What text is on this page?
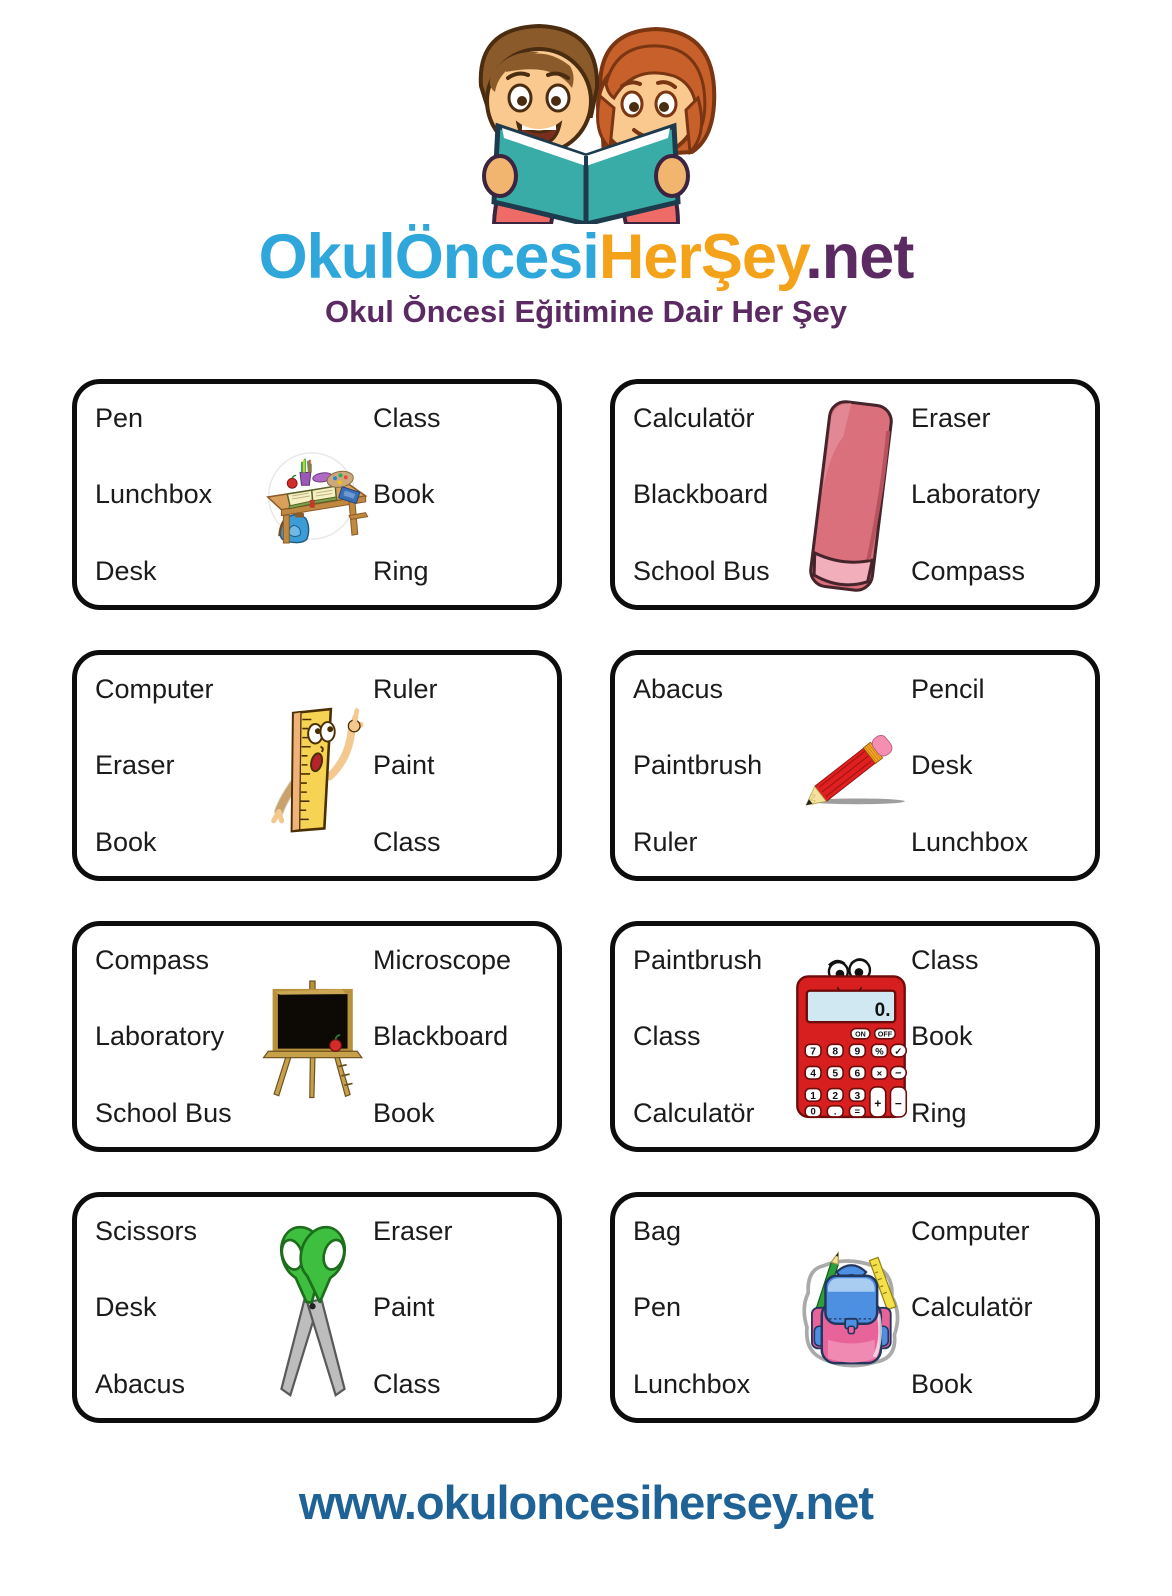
OkulÖncesiHerŞey.net
Okul Ŏncesi Eğitimine Dair Her Şey
Pen
Lunchbox
Desk
Class
Book
Ring
Calculatör
Blackboard
School Bus
Eraser
Laboratory
Compass
Computer
Eraser
Book
Ruler
Paint
Class
Abacus
Paintbrush
Ruler
Pencil
Desk
Lunchbox
Compass
Laboratory
School Bus
Microscope
Blackboard
Book
Paintbrush
Class
Calculatör
0.
ON OFF
7 8 9 % ✓
4 5 6 × −
1 2 3
0 . =
+ −
Class
Book
Ring
Scissors
Desk
Abacus
Eraser
Paint
Class
Bag
Pen
Lunchbox
Computer
Calculatör
Book
www.okuloncesihersey.net
